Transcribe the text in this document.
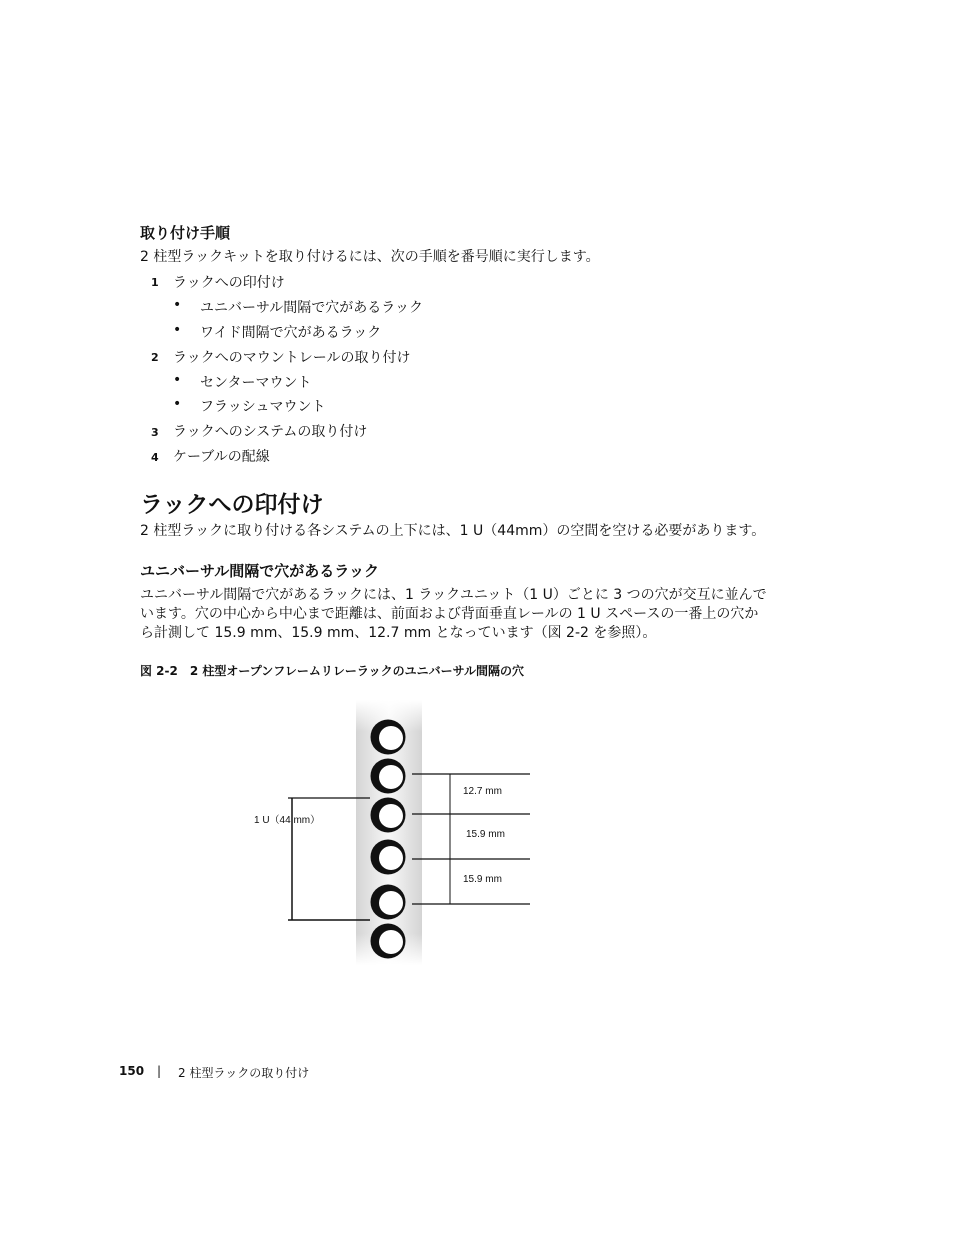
取り付け手順
2 柱型ラックキットを取り付けるには、次の手順を番号順に実行します。
1 ラックへの印付け
• ユニバーサル間隔で穴があるラック
• ワイド間隔で穴があるラック
2 ラックへのマウントレールの取り付け
• センターマウント
• フラッシュマウント
3 ラックへのシステムの取り付け
4 ケーブルの配線
ラックへの印付け
2 柱型ラックに取り付ける各システムの上下には、1 U（44mm）の空間を空ける必要があります。
ユニバーサル間隔で穴があるラック
ユニバーサル間隔で穴があるラックには、1 ラックユニット（1 U）ごとに 3 つの穴が交互に並んで
います。穴の中心から中心まで距離は、前面および背面垂直レールの 1 U スペースの一番上の穴か
ら計測して 15.9 mm、15.9 mm、12.7 mm となっています（図 2-2 を参照）。
図 2-2 2 柱型オープンフレームリレーラックのユニバーサル間隔の穴
12.7 mm
15.9 mm
15.9 mm
1 U（44 mm）
150 | 2 柱型ラックの取り付け
